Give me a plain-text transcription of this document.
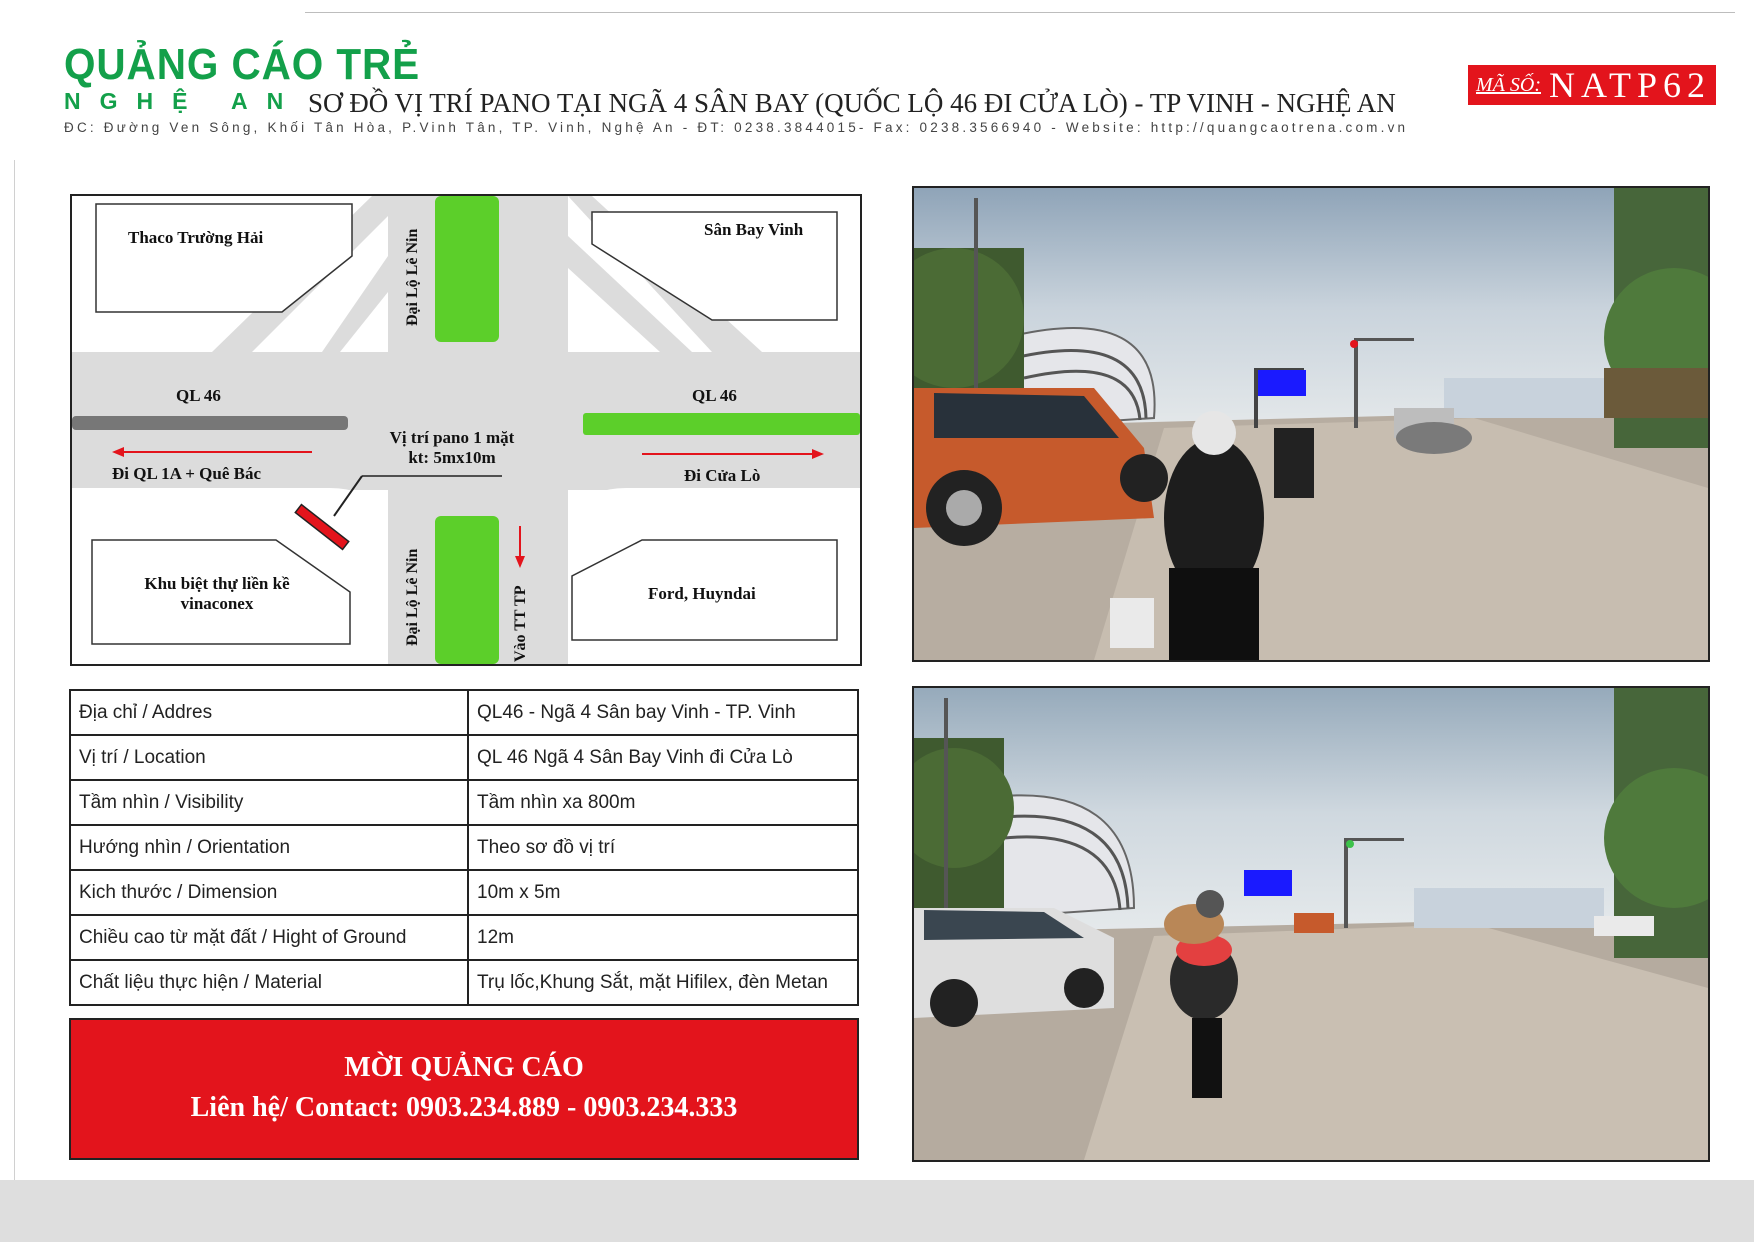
QUẢNG CÁO TRẺ
NGHỆ AN SƠ ĐỒ VỊ TRÍ PANO TẠI NGÃ 4 SÂN BAY (QUỐC LỘ 46 ĐI CỬA LÒ) - TP VINH - NGHỆ AN
MÃ SỐ: NATP62
ĐC: Đường Ven Sông, Khối Tân Hòa, P.Vinh Tân, TP. Vinh, Nghệ An - ĐT: 0238.3844015- Fax: 0238.3566940 - Website: http://quangcaotrena.com.vn
Thaco Trường Hải	Sân Bay Vinh
Khu biệt thự liền kề
vinaconex
Ford, Huyndai
QL 46	QL 46
Đi QL 1A + Quê Bác	Đi Cửa Lò
Vị trí pano 1 mặt
kt: 5mx10m
Đại Lộ Lê Nin
Đại Lộ Lê Nin	Vào TT TP
Địa chỉ / Addres	QL46 - Ngã 4 Sân bay Vinh - TP. Vinh
Vị trí / Location	QL 46 Ngã 4 Sân Bay Vinh đi Cửa Lò
Tầm nhìn / Visibility	Tầm nhìn xa 800m
Hướng nhìn / Orientation	Theo sơ đồ vị trí
Kich thước / Dimension	10m x 5m
Chiều cao từ mặt đất / Hight of Ground	12m
Chất liệu thực hiện / Material	Trụ lốc,Khung Sắt, mặt Hifilex, đèn Metan
MỜI QUẢNG CÁO
Liên hệ/ Contact: 0903.234.889 - 0903.234.333
